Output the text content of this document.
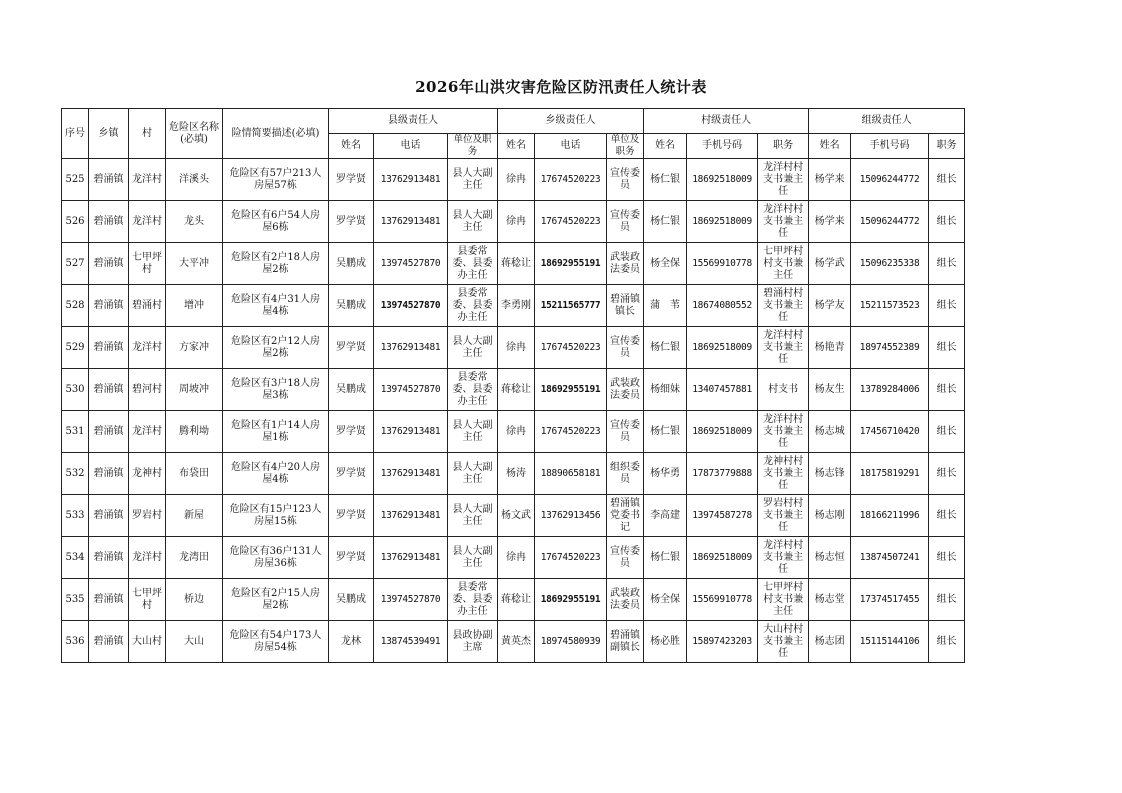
2026年山洪灾害危险区防汛责任人统计表
序号	乡镇	村	危险区名称(必填)	险情简要描述(必填)	县级责任人			乡级责任人			村级责任人			组级责任人		
					姓名	电话	单位及职务	姓名	电话	单位及职务	姓名	手机号码	职务	姓名	手机号码	职务
525	碧涌镇	龙洋村	洋溪头	危险区有57户213人房屋57栋	罗学贤	13762913481	县人大副主任	徐冉	17674520223	宣传委员	杨仁银	18692518009	龙洋村村支书兼主任	杨学来	15096244772	组长
526	碧涌镇	龙洋村	龙头	危险区有6户54人房屋6栋	罗学贤	13762913481	县人大副主任	徐冉	17674520223	宣传委员	杨仁银	18692518009	龙洋村村支书兼主任	杨学来	15096244772	组长
527	碧涌镇	七甲坪村	大平冲	危险区有2户18人房屋2栋	吴鹏成	13974527870	县委常委、县委办主任	蒋稔让	18692955191	武装政法委员	杨全保	15569910778	七甲坪村村支书兼主任	杨学武	15096235338	组长
528	碧涌镇	碧涌村	增冲	危险区有4户31人房屋4栋	吴鹏成	13974527870	县委常委、县委办主任	李勇刚	15211565777	碧涌镇镇长	蒲　苇	18674080552	碧涌村村支书兼主任	杨学友	15211573523	组长
529	碧涌镇	龙洋村	方家冲	危险区有2户12人房屋2栋	罗学贤	13762913481	县人大副主任	徐冉	17674520223	宣传委员	杨仁银	18692518009	龙洋村村支书兼主任	杨艳青	18974552389	组长
530	碧涌镇	碧河村	周坡冲	危险区有3户18人房屋3栋	吴鹏成	13974527870	县委常委、县委办主任	蒋稔让	18692955191	武装政法委员	杨细妹	13407457881	村支书	杨友生	13789284006	组长
531	碧涌镇	龙洋村	腾利坳	危险区有1户14人房屋1栋	罗学贤	13762913481	县人大副主任	徐冉	17674520223	宣传委员	杨仁银	18692518009	龙洋村村支书兼主任	杨志城	17456710420	组长
532	碧涌镇	龙神村	布袋田	危险区有4户20人房屋4栋	罗学贤	13762913481	县人大副主任	杨涛	18890658181	组织委员	杨华勇	17873779888	龙神村村支书兼主任	杨志锋	18175819291	组长
533	碧涌镇	罗岩村	新屋	危险区有15户123人房屋15栋	罗学贤	13762913481	县人大副主任	杨文武	13762913456	碧涌镇党委书记	李高建	13974587278	罗岩村村支书兼主任	杨志刚	18166211996	组长
534	碧涌镇	龙洋村	龙湾田	危险区有36户131人房屋36栋	罗学贤	13762913481	县人大副主任	徐冉	17674520223	宣传委员	杨仁银	18692518009	龙洋村村支书兼主任	杨志恒	13874507241	组长
535	碧涌镇	七甲坪村	桥边	危险区有2户15人房屋2栋	吴鹏成	13974527870	县委常委、县委办主任	蒋稔让	18692955191	武装政法委员	杨全保	15569910778	七甲坪村村支书兼主任	杨志堂	17374517455	组长
536	碧涌镇	大山村	大山	危险区有54户173人房屋54栋	龙林	13874539491	县政协副主席	黄英杰	18974580939	碧涌镇副镇长	杨必胜	15897423203	大山村村支书兼主任	杨志团	15115144106	组长
